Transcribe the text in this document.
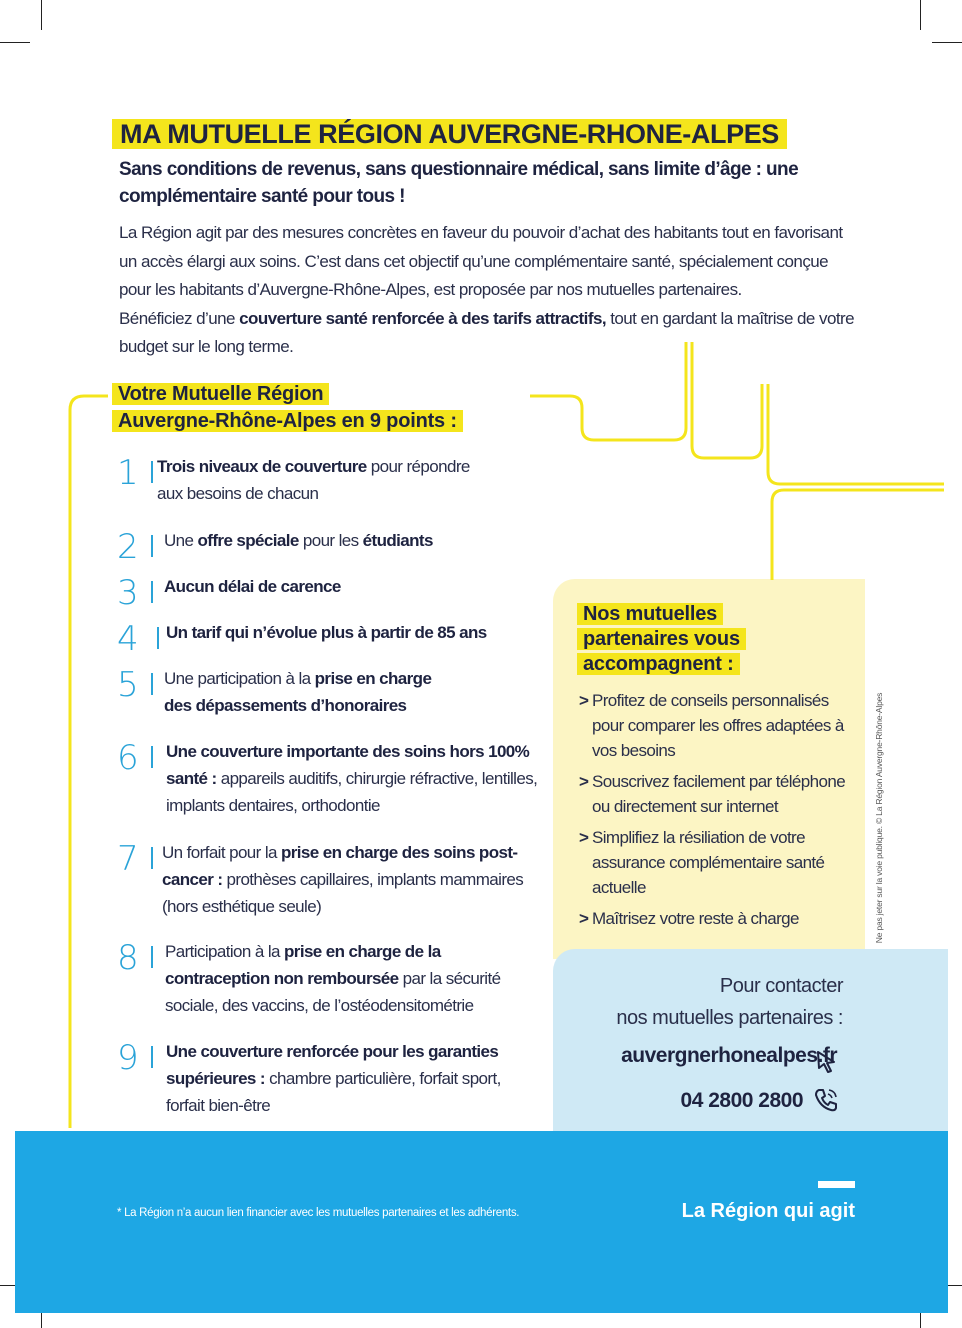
MA MUTUELLE RÉGION AUVERGNE-RHONE-ALPES

Sans conditions de revenus, sans questionnaire médical, sans limite d’âge : une complémentaire santé pour tous !

La Région agit par des mesures concrètes en faveur du pouvoir d’achat des habitants tout en favorisant un accès élargi aux soins. C’est dans cet objectif qu’une complémentaire santé, spécialement conçue pour les habitants d’Auvergne-Rhône-Alpes, est proposée par nos mutuelles partenaires.
Bénéficiez d’une couverture santé renforcée à des tarifs attractifs, tout en gardant la maîtrise de votre budget sur le long terme.

Votre Mutuelle Région
Auvergne-Rhône-Alpes en 9 points :
1 Trois niveaux de couverture pour répondre aux besoins de chacun
2 Une offre spéciale pour les étudiants
3 Aucun délai de carence
4 Un tarif qui n’évolue plus à partir de 85 ans
5 Une participation à la prise en charge des dépassements d’honoraires
6 Une couverture importante des soins hors 100% santé : appareils auditifs, chirurgie réfractive, lentilles, implants dentaires, orthodontie
7 Un forfait pour la prise en charge des soins post-cancer : prothèses capillaires, implants mammaires (hors esthétique seule)
8 Participation à la prise en charge de la contraception non remboursée par la sécurité sociale, des vaccins, de l’ostéodensitométrie
9 Une couverture renforcée pour les garanties supérieures : chambre particulière, forfait sport, forfait bien-être
Nos mutuelles
partenaires vous
accompagnent :
> Profitez de conseils personnalisés pour comparer les offres adaptées à vos besoins
> Souscrivez facilement par téléphone ou directement sur internet
> Simplifiez la résiliation de votre assurance complémentaire santé actuelle
> Maîtrisez votre reste à charge

Pour contacter
nos mutuelles partenaires :

auvergnerhonealpes.fr
04 2800 2800
* La Région n’a aucun lien financier avec les mutuelles partenaires et les adhérents.	La Région qui agit
Ne pas jeter sur la voie publique. © La Région Auvergne-Rhône-Alpes
